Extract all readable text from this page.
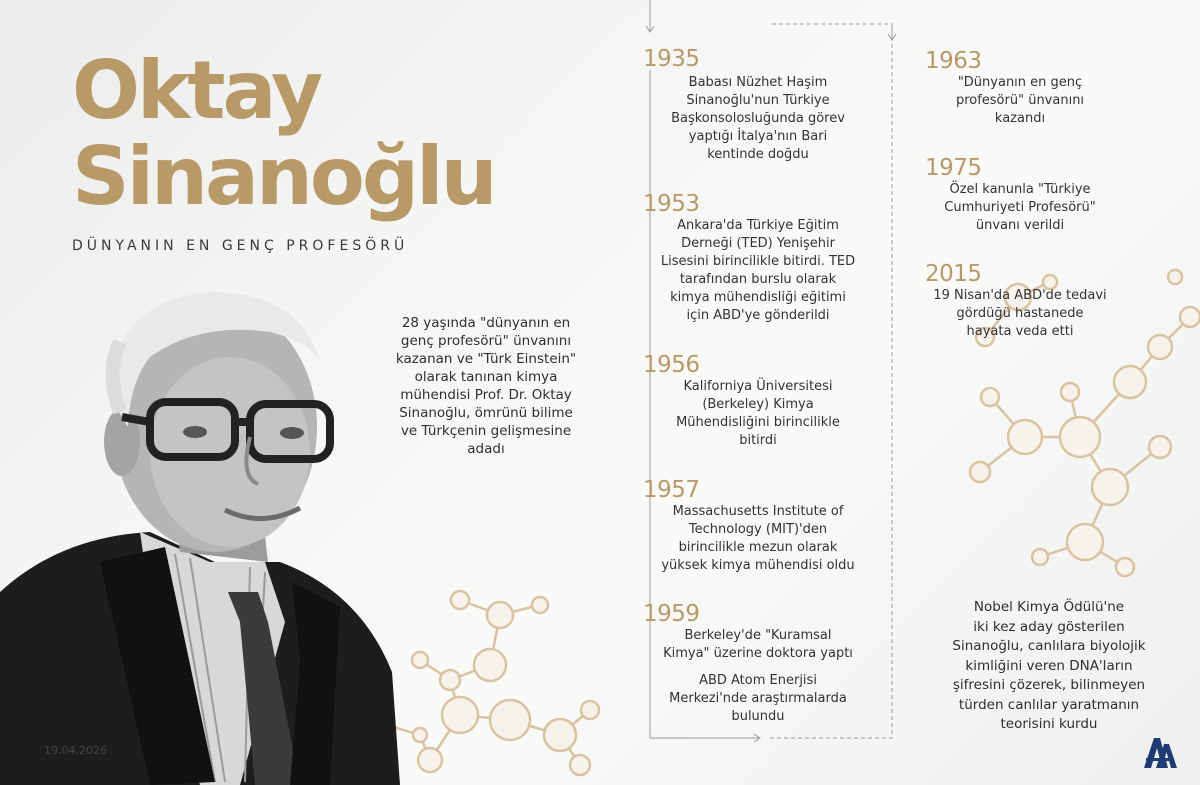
Oktay
Sinanoğlu
DÜNYANIN EN GENÇ PROFESÖRÜ
28 yaşında "dünyanın en
genç profesörü" ünvanını
kazanan ve "Türk Einstein"
olarak tanınan kimya
mühendisi Prof. Dr. Oktay
Sinanoğlu, ömrünü bilime
ve Türkçenin gelişmesine
adadı
1935
Babası Nüzhet Haşim
Sinanoğlu'nun Türkiye
Başkonsolosluğunda görev
yaptığı İtalya'nın Bari
kentinde doğdu
1953
Ankara'da Türkiye Eğitim
Derneği (TED) Yenişehir
Lisesini birincilikle bitirdi. TED
tarafından burslu olarak
kimya mühendisliği eğitimi
için ABD'ye gönderildi
1956
Kaliforniya Üniversitesi
(Berkeley) Kimya
Mühendisliğini birincilikle
bitirdi
1957
Massachusetts Institute of
Technology (MIT)'den
birincilikle mezun olarak
yüksek kimya mühendisi oldu
1959
Berkeley'de "Kuramsal
Kimya" üzerine doktora yaptı
ABD Atom Enerjisi
Merkezi'nde araştırmalarda
bulundu
1963
"Dünyanın en genç
profesörü" ünvanını
kazandı
1975
Özel kanunla "Türkiye
Cumhuriyeti Profesörü"
ünvanı verildi
2015
19 Nisan'da ABD'de tedavi
gördüğü hastanede
hayata veda etti
Nobel Kimya Ödülü'ne
iki kez aday gösterilen
Sinanoğlu, canlılara biyolojik
kimliğini veren DNA'ların
şifresini çözerek, bilinmeyen
türden canlılar yaratmanın
teorisini kurdu
19.04.2026
